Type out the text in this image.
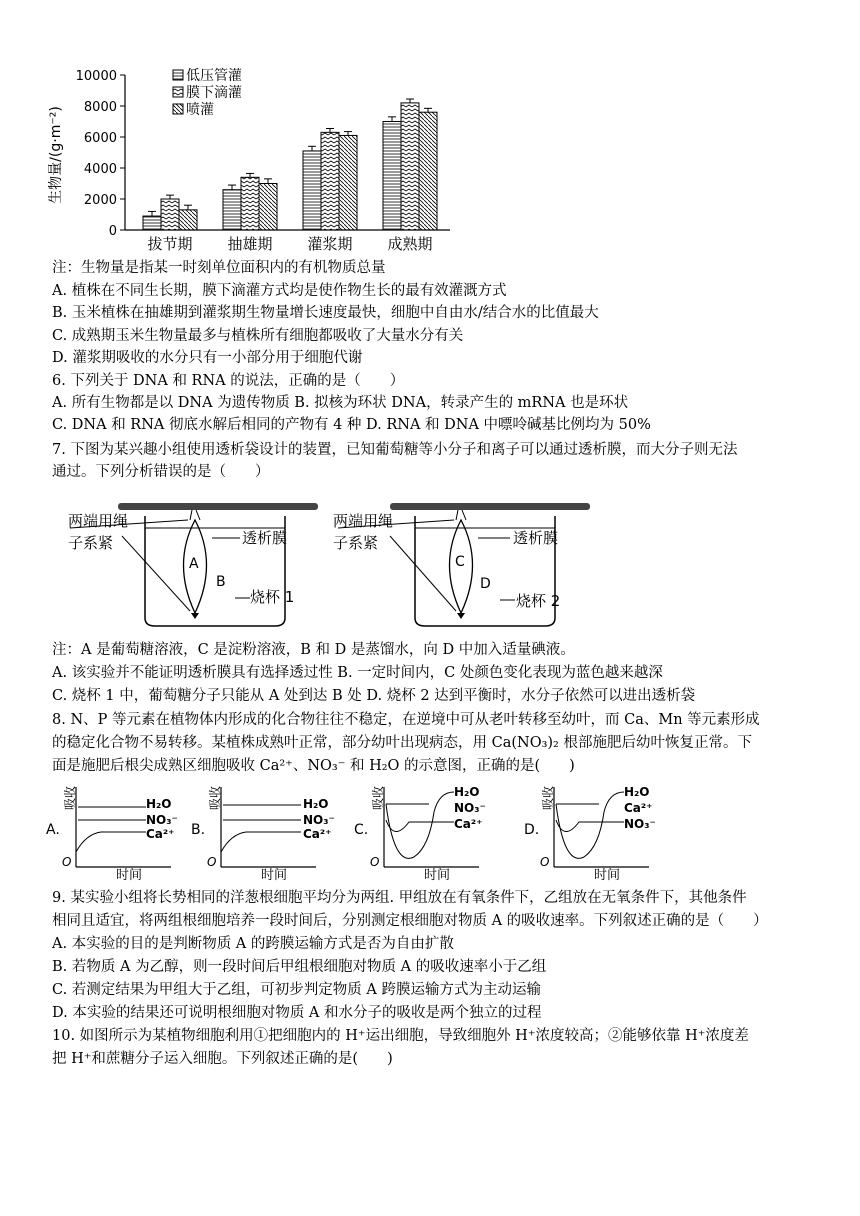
生物量/(g·m⁻²)
0
2000
4000
6000
8000
10000
拔节期 抽雄期 灌浆期 成熟期
低压管灌
膜下滴灌
喷灌
注：生物量是指某一时刻单位面积内的有机物质总量
A. 植株在不同生长期，膜下滴灌方式均是使作物生长的最有效灌溉方式
B. 玉米植株在抽雄期到灌浆期生物量增长速度最快，细胞中自由水/结合水的比值最大
C. 成熟期玉米生物量最多与植株所有细胞都吸收了大量水分有关
D. 灌浆期吸收的水分只有一小部分用于细胞代谢
6. 下列关于 DNA 和 RNA 的说法，正确的是（　　）
A. 所有生物都是以 DNA 为遗传物质 B. 拟核为环状 DNA，转录产生的 mRNA 也是环状
C. DNA 和 RNA 彻底水解后相同的产物有 4 种 D. RNA 和 DNA 中嘌呤碱基比例均为 50%
7. 下图为某兴趣小组使用透析袋设计的装置，已知葡萄糖等小分子和离子可以通过透析膜，而大分子则无法
通过。下列分析错误的是（　　）
两端用绳
子系紧	透析膜
A
B
烧杯 1
两端用绳
子系紧	透析膜
C
D
烧杯 2
注：A 是葡萄糖溶液，C 是淀粉溶液，B 和 D 是蒸馏水，向 D 中加入适量碘液。
A. 该实验并不能证明透析膜具有选择透过性 B. 一定时间内，C 处颜色变化表现为蓝色越来越深
C. 烧杯 1 中，葡萄糖分子只能从 A 处到达 B 处 D. 烧杯 2 达到平衡时，水分子依然可以进出透析袋
8. N、P 等元素在植物体内形成的化合物往往不稳定，在逆境中可从老叶转移至幼叶，而 Ca、Mn 等元素形成
的稳定化合物不易转移。某植株成熟叶正常，部分幼叶出现病态，用 Ca(NO₃)₂ 根部施肥后幼叶恢复正常。下
面是施肥后根尖成熟区细胞吸收 Ca²⁺、NO₃⁻ 和 H₂O 的示意图，正确的是(　　)
A.
吸收
O
时间
H₂O
NO₃⁻
Ca²⁺ B.
吸收
O
时间
H₂O
NO₃⁻
Ca²⁺ C.
吸收
O
时间
H₂O
NO₃⁻
Ca²⁺	D.
吸收
O
时间
H₂O
Ca²⁺
NO₃⁻
9. 某实验小组将长势相同的洋葱根细胞平均分为两组. 甲组放在有氧条件下，乙组放在无氧条件下，其他条件
相同且适宜，将两组根细胞培养一段时间后，分别测定根细胞对物质 A 的吸收速率。下列叙述正确的是（　　）
A. 本实验的目的是判断物质 A 的跨膜运输方式是否为自由扩散
B. 若物质 A 为乙醇，则一段时间后甲组根细胞对物质 A 的吸收速率小于乙组
C. 若测定结果为甲组大于乙组，可初步判定物质 A 跨膜运输方式为主动运输
D. 本实验的结果还可说明根细胞对物质 A 和水分子的吸收是两个独立的过程
10. 如图所示为某植物细胞利用①把细胞内的 H⁺运出细胞，导致细胞外 H⁺浓度较高；②能够依靠 H⁺浓度差
把 H⁺和蔗糖分子运入细胞。下列叙述正确的是(　　)
